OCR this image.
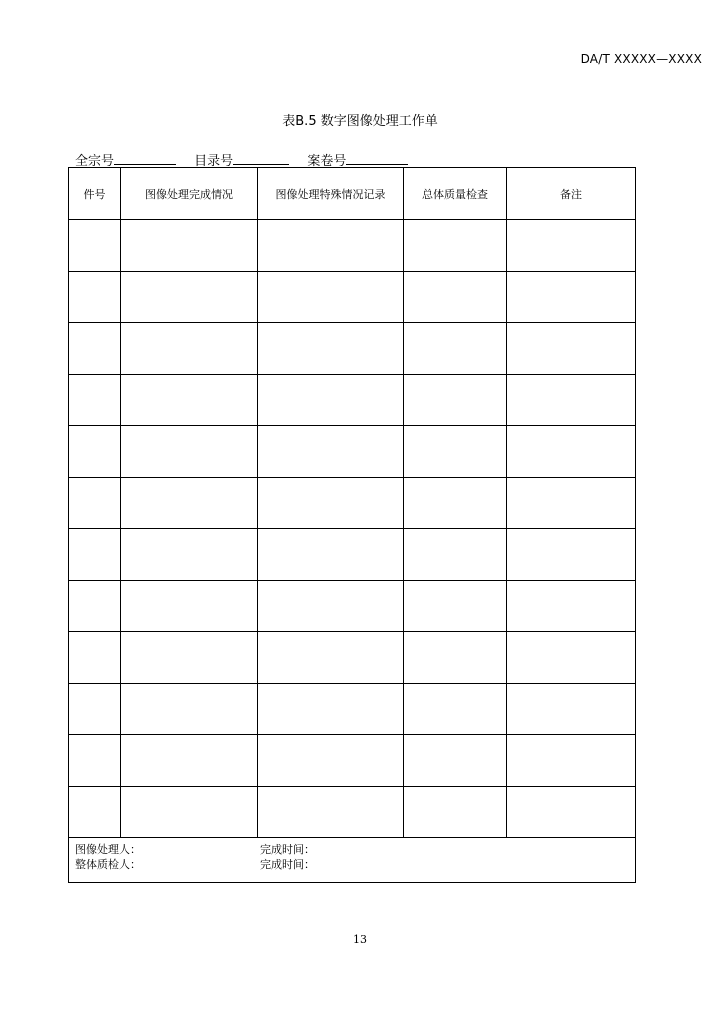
DA/T XXXXX—XXXX
表B.5 数字图像处理工作单
全宗号	目录号	案卷号
件号	图像处理完成情况	图像处理特殊情况记录	总体质量检查	备注

图像处理人： 完成时间：
整体质检人： 完成时间：				
13
